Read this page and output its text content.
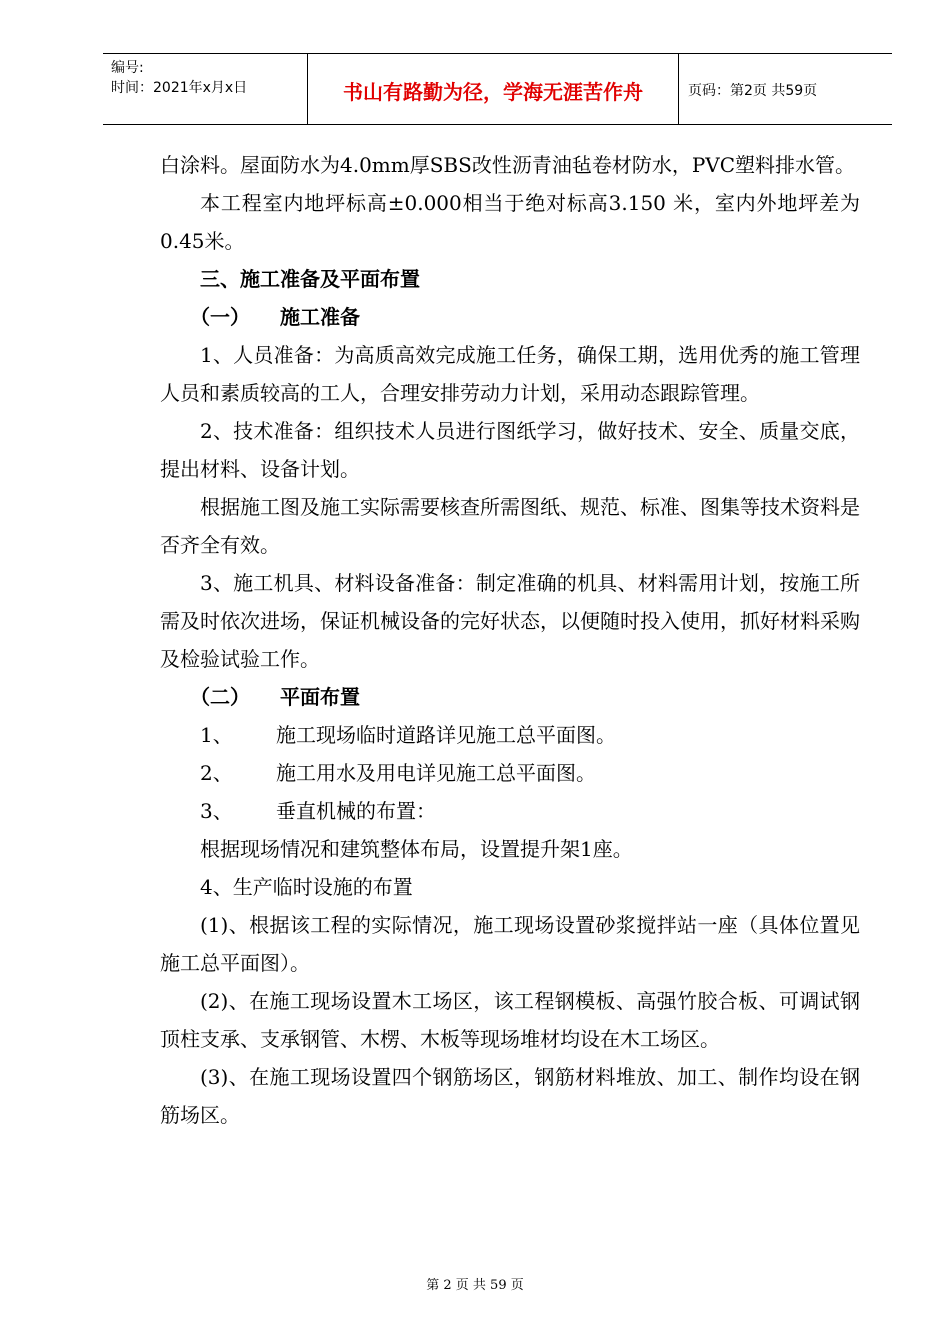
编号:
时间：2021年x月x日	书山有路勤为径，学海无涯苦作舟	页码：第2页 共59页

白涂料。屋面防水为4.0mm厚SBS改性沥青油毡卷材防水，PVC塑料排水管。

本工程室内地坪标高±0.000相当于绝对标高3.150 米，室内外地坪差为0.45米。

三、施工准备及平面布置

（一） 施工准备

1、人员准备：为高质高效完成施工任务，确保工期，选用优秀的施工管理人员和素质较高的工人，合理安排劳动力计划，采用动态跟踪管理。

2、技术准备：组织技术人员进行图纸学习，做好技术、安全、质量交底，提出材料、设备计划。

根据施工图及施工实际需要核查所需图纸、规范、标准、图集等技术资料是否齐全有效。

3、施工机具、材料设备准备：制定准确的机具、材料需用计划，按施工所需及时依次进场，保证机械设备的完好状态，以便随时投入使用，抓好材料采购及检验试验工作。

（二） 平面布置

1、 施工现场临时道路详见施工总平面图。

2、 施工用水及用电详见施工总平面图。

3、 垂直机械的布置：

根据现场情况和建筑整体布局，设置提升架1座。

4、生产临时设施的布置

(1)、根据该工程的实际情况，施工现场设置砂浆搅拌站一座（具体位置见施工总平面图）。

(2)、在施工现场设置木工场区，该工程钢模板、高强竹胶合板、可调试钢顶柱支承、支承钢管、木楞、木板等现场堆材均设在木工场区。

(3)、在施工现场设置四个钢筋场区，钢筋材料堆放、加工、制作均设在钢筋场区。

第 2 页 共 59 页
